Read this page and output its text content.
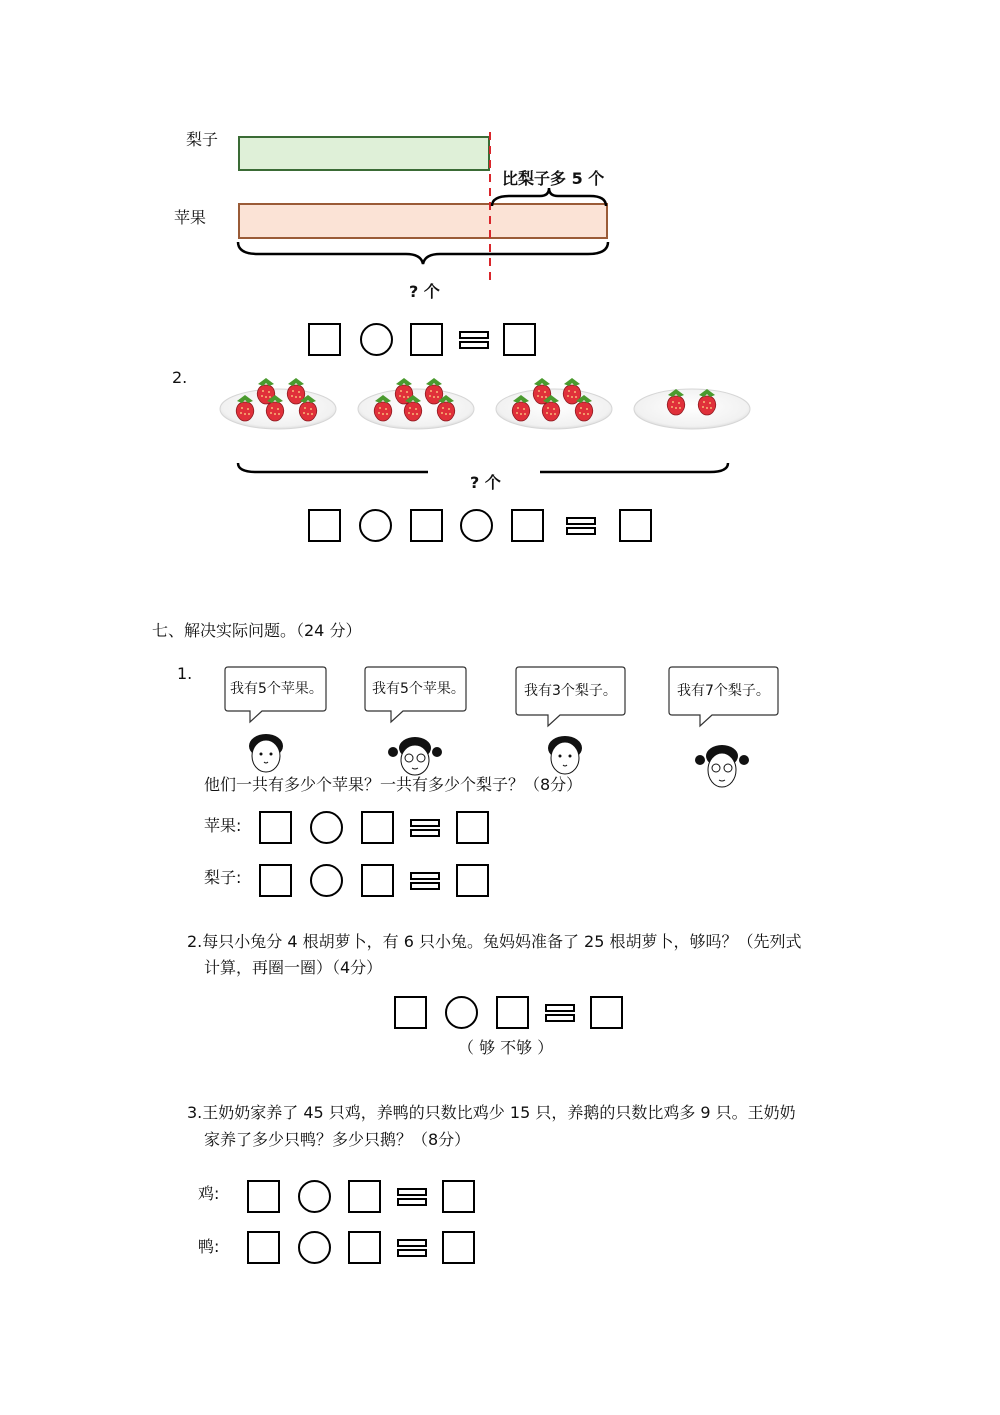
梨子
比梨子多 5 个
苹果
? 个
2.
? 个
七、解决实际问题。（24 分）
1.
我有5个苹果。	我有5个苹果。	我有3个梨子。	我有7个梨子。
他们一共有多少个苹果？一共有多少个梨子？（8分）
苹果:
梨子:
2.每只小兔分 4 根胡萝卜，有 6 只小兔。兔妈妈准备了 25 根胡萝卜，够吗？（先列式
计算，再圈一圈）（4分）
（ 够 不够 ）
3.王奶奶家养了 45 只鸡，养鸭的只数比鸡少 15 只，养鹅的只数比鸡多 9 只。王奶奶
家养了多少只鸭？多少只鹅？（8分）
鸡:
鸭:
